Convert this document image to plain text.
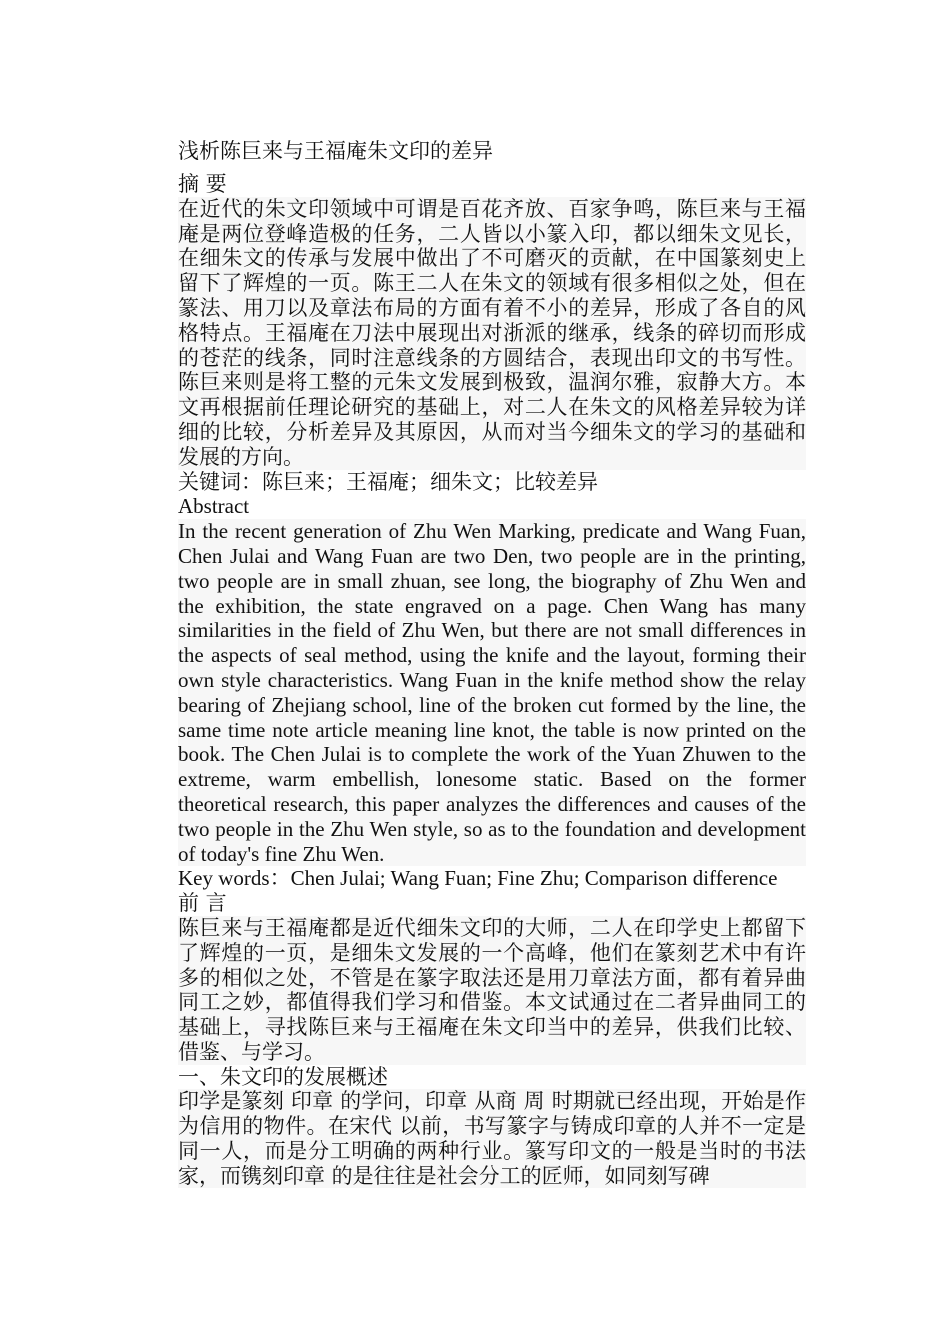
浅析陈巨来与王福庵朱文印的差异

摘 要

在近代的朱文印领域中可谓是百花齐放、百家争鸣，陈巨来与王福庵是两位登峰造极的任务，二人皆以小篆入印，都以细朱文见长，在细朱文的传承与发展中做出了不可磨灭的贡献，在中国篆刻史上留下了辉煌的一页。陈王二人在朱文的领域有很多相似之处，但在篆法、用刀以及章法布局的方面有着不小的差异，形成了各自的风格特点。王福庵在刀法中展现出对浙派的继承，线条的碎切而形成的苍茫的线条，同时注意线条的方圆结合，表现出印文的书写性。陈巨来则是将工整的元朱文发展到极致，温润尔雅，寂静大方。本文再根据前任理论研究的基础上，对二人在朱文的风格差异较为详细的比较，分析差异及其原因，从而对当今细朱文的学习的基础和发展的方向。

关键词：陈巨来；王福庵；细朱文；比较差异

Abstract

In the recent generation of Zhu Wen Marking, predicate and Wang Fuan, Chen Julai and Wang Fuan are two Den, two people are in the printing, two people are in small zhuan, see long, the biography of Zhu Wen and the exhibition, the state engraved on a page. Chen Wang has many similarities in the field of Zhu Wen, but there are not small differences in the aspects of seal method, using the knife and the layout, forming their own style characteristics. Wang Fuan in the knife method show the relay bearing of Zhejiang school, line of the broken cut formed by the line, the same time note article meaning line knot, the table is now printed on the book. The Chen Julai is to complete the work of the Yuan Zhuwen to the extreme, warm embellish, lonesome static. Based on the former theoretical research, this paper analyzes the differences and causes of the two people in the Zhu Wen style, so as to the foundation and development of today's fine Zhu Wen.

Key words：Chen Julai; Wang Fuan; Fine Zhu; Comparison difference

前 言

陈巨来与王福庵都是近代细朱文印的大师，二人在印学史上都留下了辉煌的一页，是细朱文发展的一个高峰，他们在篆刻艺术中有许多的相似之处，不管是在篆字取法还是用刀章法方面，都有着异曲同工之妙，都值得我们学习和借鉴。本文试通过在二者异曲同工的基础上，寻找陈巨来与王福庵在朱文印当中的差异，供我们比较、借鉴、与学习。

一、朱文印的发展概述

印学是篆刻 印章 的学问，印章 从商 周 时期就已经出现，开始是作为信用的物件。在宋代 以前，书写篆字与铸成印章的人并不一定是同一人，而是分工明确的两种行业。篆写印文的一般是当时的书法家，而镌刻印章 的是往往是社会分工的匠师，如同刻写碑
